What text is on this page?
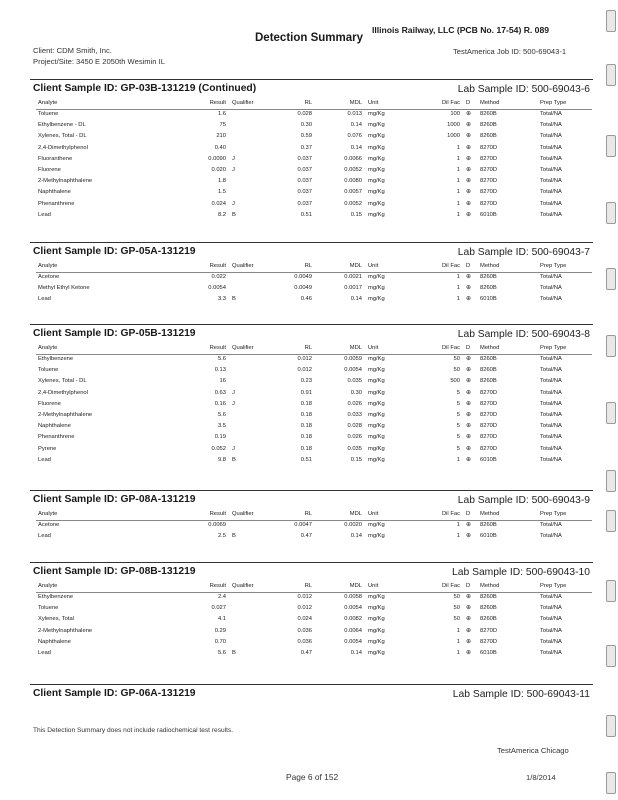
Illinois Railway, LLC (PCB No. 17-54) R. 089
Detection Summary
Client: CDM Smith, Inc.
Project/Site: 3450 E 2050th Wesimin IL
TestAmerica Job ID: 500-69043-1
Client Sample ID: GP-03B-131219 (Continued)	Lab Sample ID: 500-69043-6
Analyte	Result Qualifier	RL	MDL Unit	Dil Fac D Method	Prep Type
Toluene	1.6	0.028	0.013 mg/Kg	100 ⊕ 8260B	Total/NA
Ethylbenzene - DL	75	0.30	0.14 mg/Kg	1000 ⊕ 8260B	Total/NA
Xylenes, Total - DL	210	0.59	0.076 mg/Kg	1000 ⊕ 8260B	Total/NA
2,4-Dimethylphenol	0.40	0.37	0.14 mg/Kg	1 ⊕ 8270D	Total/NA
Fluoranthene	0.0090 J	0.037	0.0066 mg/Kg	1 ⊕ 8270D	Total/NA
Fluorene	0.020 J	0.037	0.0052 mg/Kg	1 ⊕ 8270D	Total/NA
2-Methylnaphthalene	1.8	0.037	0.0080 mg/Kg	1 ⊕ 8270D	Total/NA
Naphthalene	1.5	0.037	0.0057 mg/Kg	1 ⊕ 8270D	Total/NA
Phenanthrene	0.024 J	0.037	0.0052 mg/Kg	1 ⊕ 8270D	Total/NA
Lead	8.2 B	0.51	0.15 mg/Kg	1 ⊕ 6010B	Total/NA
Client Sample ID: GP-05A-131219	Lab Sample ID: 500-69043-7
Analyte	Result Qualifier	RL	MDL Unit	Dil Fac D Method	Prep Type
Acetone	0.022	0.0049	0.0021 mg/Kg	1 ⊕ 8260B	Total/NA
Methyl Ethyl Ketone	0.0054	0.0049	0.0017 mg/Kg	1 ⊕ 8260B	Total/NA
Lead	3.3 B	0.46	0.14 mg/Kg	1 ⊕ 6010B	Total/NA
Client Sample ID: GP-05B-131219	Lab Sample ID: 500-69043-8
Analyte	Result Qualifier	RL	MDL Unit	Dil Fac D Method	Prep Type
Ethylbenzene	5.6	0.012	0.0059 mg/Kg	50 ⊕ 8260B	Total/NA
Toluene	0.13	0.012	0.0054 mg/Kg	50 ⊕ 8260B	Total/NA
Xylenes, Total - DL	16	0.23	0.035 mg/Kg	500 ⊕ 8260B	Total/NA
2,4-Dimethylphenol	0.63 J	0.91	0.30 mg/Kg	5 ⊕ 8270D	Total/NA
Fluorene	0.16 J	0.18	0.026 mg/Kg	5 ⊕ 8270D	Total/NA
2-Methylnaphthalene	5.6	0.18	0.033 mg/Kg	5 ⊕ 8270D	Total/NA
Naphthalene	3.5	0.18	0.028 mg/Kg	5 ⊕ 8270D	Total/NA
Phenanthrene	0.19	0.18	0.026 mg/Kg	5 ⊕ 8270D	Total/NA
Pyrene	0.052 J	0.18	0.035 mg/Kg	5 ⊕ 8270D	Total/NA
Lead	9.8 B	0.51	0.15 mg/Kg	1 ⊕ 6010B	Total/NA
Client Sample ID: GP-08A-131219	Lab Sample ID: 500-69043-9
Analyte	Result Qualifier	RL	MDL Unit	Dil Fac D Method	Prep Type
Acetone	0.0069	0.0047	0.0020 mg/Kg	1 ⊕ 8260B	Total/NA
Lead	2.5 B	0.47	0.14 mg/Kg	1 ⊕ 6010B	Total/NA
Client Sample ID: GP-08B-131219	Lab Sample ID: 500-69043-10
Analyte	Result Qualifier	RL	MDL Unit	Dil Fac D Method	Prep Type
Ethylbenzene	2.4	0.012	0.0058 mg/Kg	50 ⊕ 8260B	Total/NA
Toluene	0.027	0.012	0.0054 mg/Kg	50 ⊕ 8260B	Total/NA
Xylenes, Total	4.1	0.024	0.0082 mg/Kg	50 ⊕ 8260B	Total/NA
2-Methylnaphthalene	0.29	0.036	0.0064 mg/Kg	1 ⊕ 8270D	Total/NA
Naphthalene	0.70	0.036	0.0054 mg/Kg	1 ⊕ 8270D	Total/NA
Lead	5.6 B	0.47	0.14 mg/Kg	1 ⊕ 6010B	Total/NA
Client Sample ID: GP-06A-131219	Lab Sample ID: 500-69043-11
This Detection Summary does not include radiochemical test results.
TestAmerica Chicago
Page 6 of 152	1/8/2014
